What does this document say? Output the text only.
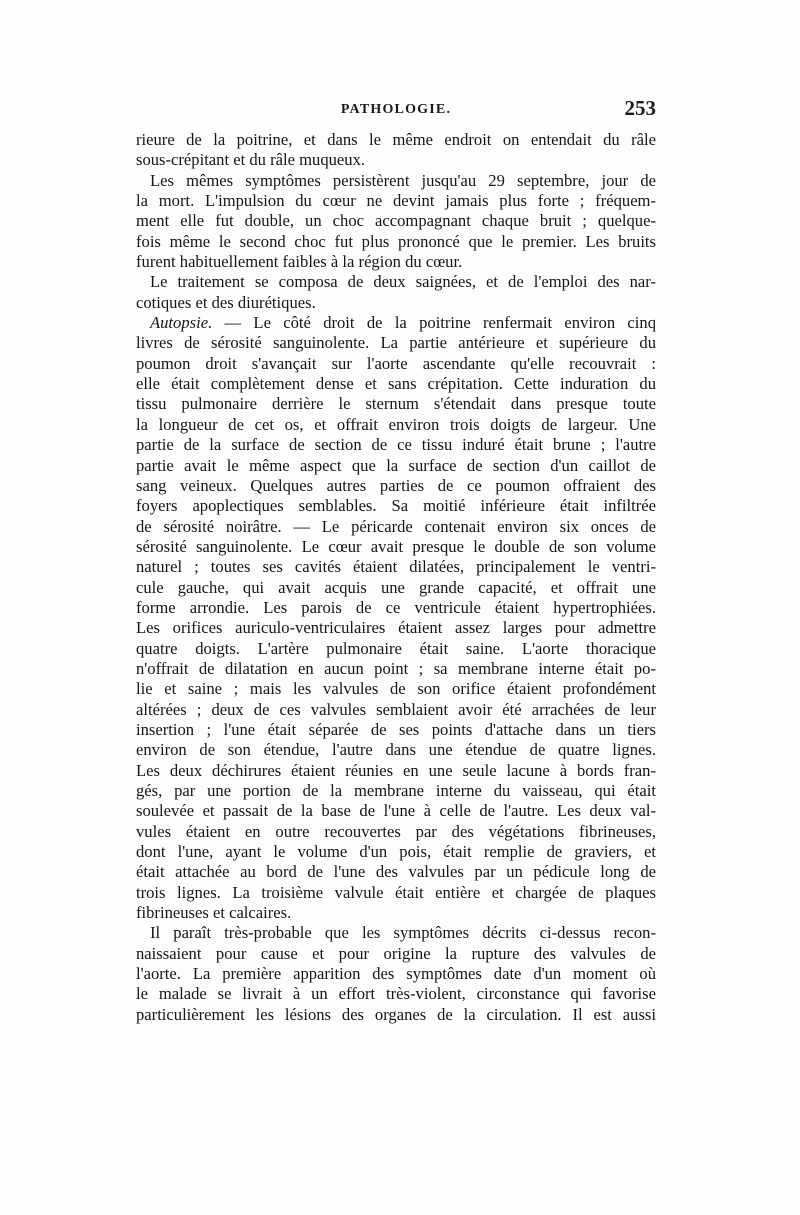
PATHOLOGIE.	253
rieure de la poitrine, et dans le même endroit on entendait du râle
sous-crépitant et du râle muqueux.
Les mêmes symptômes persistèrent jusqu'au 29 septembre, jour de
la mort. L'impulsion du cœur ne devint jamais plus forte ; fréquem-
ment elle fut double, un choc accompagnant chaque bruit ; quelque-
fois même le second choc fut plus prononcé que le premier. Les bruits
furent habituellement faibles à la région du cœur.
Le traitement se composa de deux saignées, et de l'emploi des nar-
cotiques et des diurétiques.
Autopsie. — Le côté droit de la poitrine renfermait environ cinq
livres de sérosité sanguinolente. La partie antérieure et supérieure du
poumon droit s'avançait sur l'aorte ascendante qu'elle recouvrait :
elle était complètement dense et sans crépitation. Cette induration du
tissu pulmonaire derrière le sternum s'étendait dans presque toute
la longueur de cet os, et offrait environ trois doigts de largeur. Une
partie de la surface de section de ce tissu induré était brune ; l'autre
partie avait le même aspect que la surface de section d'un caillot de
sang veineux. Quelques autres parties de ce poumon offraient des
foyers apoplectiques semblables. Sa moitié inférieure était infiltrée
de sérosité noirâtre. — Le péricarde contenait environ six onces de
sérosité sanguinolente. Le cœur avait presque le double de son volume
naturel ; toutes ses cavités étaient dilatées, principalement le ventri-
cule gauche, qui avait acquis une grande capacité, et offrait une
forme arrondie. Les parois de ce ventricule étaient hypertrophiées.
Les orifices auriculo-ventriculaires étaient assez larges pour admettre
quatre doigts. L'artère pulmonaire était saine. L'aorte thoracique
n'offrait de dilatation en aucun point ; sa membrane interne était po-
lie et saine ; mais les valvules de son orifice étaient profondément
altérées ; deux de ces valvules semblaient avoir été arrachées de leur
insertion ; l'une était séparée de ses points d'attache dans un tiers
environ de son étendue, l'autre dans une étendue de quatre lignes.
Les deux déchirures étaient réunies en une seule lacune à bords fran-
gés, par une portion de la membrane interne du vaisseau, qui était
soulevée et passait de la base de l'une à celle de l'autre. Les deux val-
vules étaient en outre recouvertes par des végétations fibrineuses,
dont l'une, ayant le volume d'un pois, était remplie de graviers, et
était attachée au bord de l'une des valvules par un pédicule long de
trois lignes. La troisième valvule était entière et chargée de plaques
fibrineuses et calcaires.
Il paraît très-probable que les symptômes décrits ci-dessus recon-
naissaient pour cause et pour origine la rupture des valvules de
l'aorte. La première apparition des symptômes date d'un moment où
le malade se livrait à un effort très-violent, circonstance qui favorise
particulièrement les lésions des organes de la circulation. Il est aussi
